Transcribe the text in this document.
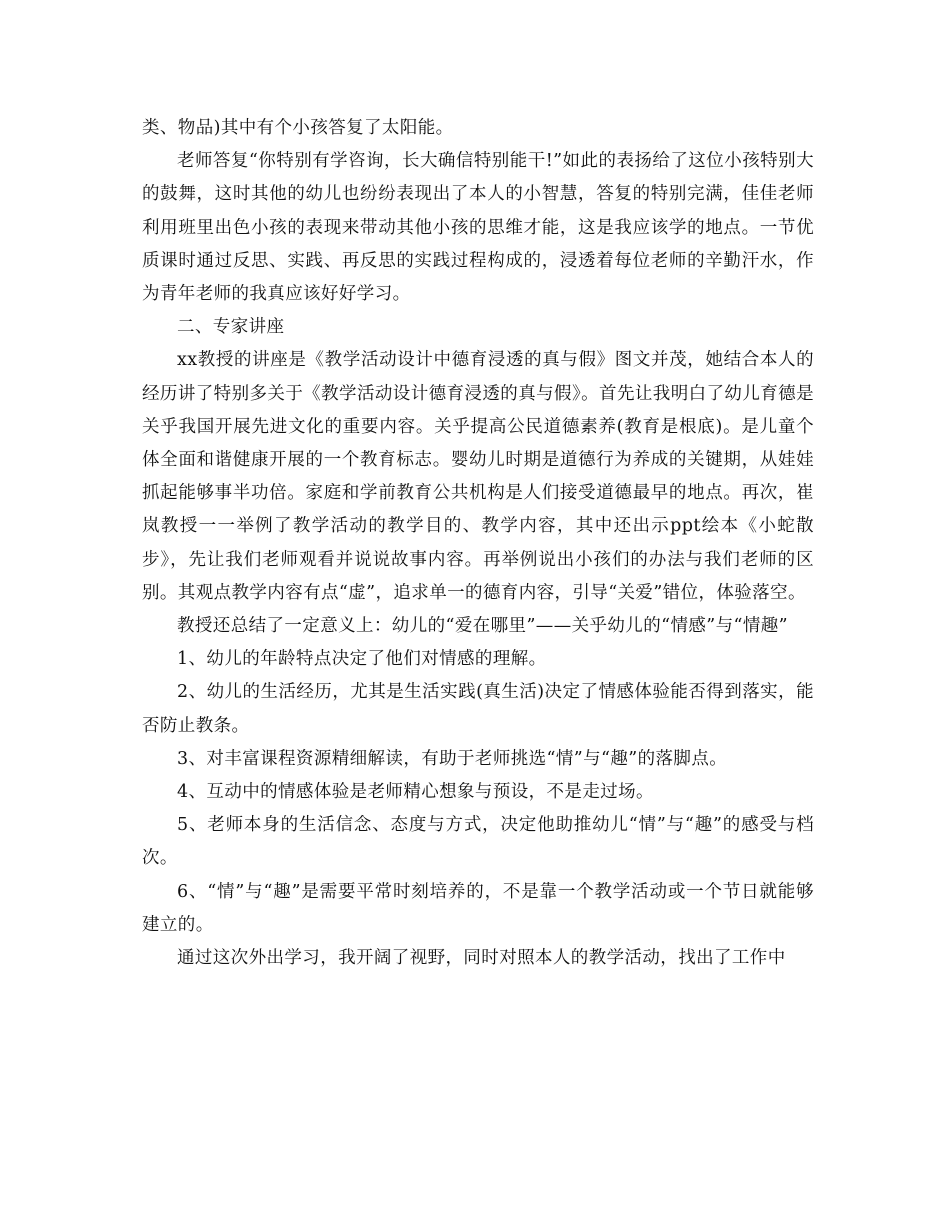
类、物品)其中有个小孩答复了太阳能。

老师答复“你特别有学咨询，长大确信特别能干!”如此的表扬给了这位小孩特别大的鼓舞，这时其他的幼儿也纷纷表现出了本人的小智慧，答复的特别完满，佳佳老师利用班里出色小孩的表现来带动其他小孩的思维才能，这是我应该学的地点。一节优质课时通过反思、实践、再反思的实践过程构成的，浸透着每位老师的辛勤汗水，作为青年老师的我真应该好好学习。

二、专家讲座

xx教授的讲座是《教学活动设计中德育浸透的真与假》图文并茂，她结合本人的经历讲了特别多关于《教学活动设计德育浸透的真与假》。首先让我明白了幼儿育德是关乎我国开展先进文化的重要内容。关乎提高公民道德素养(教育是根底)。是儿童个体全面和谐健康开展的一个教育标志。婴幼儿时期是道德行为养成的关键期，从娃娃抓起能够事半功倍。家庭和学前教育公共机构是人们接受道德最早的地点。再次，崔岚教授一一举例了教学活动的教学目的、教学内容，其中还出示ppt绘本《小蛇散步》，先让我们老师观看并说说故事内容。再举例说出小孩们的办法与我们老师的区别。其观点教学内容有点“虚”，追求单一的德育内容，引导“关爱”错位，体验落空。

教授还总结了一定意义上：幼儿的“爱在哪里”——关乎幼儿的“情感”与“情趣”

1、幼儿的年龄特点决定了他们对情感的理解。

2、幼儿的生活经历，尤其是生活实践(真生活)决定了情感体验能否得到落实，能否防止教条。

3、对丰富课程资源精细解读，有助于老师挑选“情”与“趣”的落脚点。

4、互动中的情感体验是老师精心想象与预设，不是走过场。

5、老师本身的生活信念、态度与方式，决定他助推幼儿“情”与“趣”的感受与档次。

6、“情”与“趣”是需要平常时刻培养的，不是靠一个教学活动或一个节日就能够建立的。

通过这次外出学习，我开阔了视野，同时对照本人的教学活动，找出了工作中
